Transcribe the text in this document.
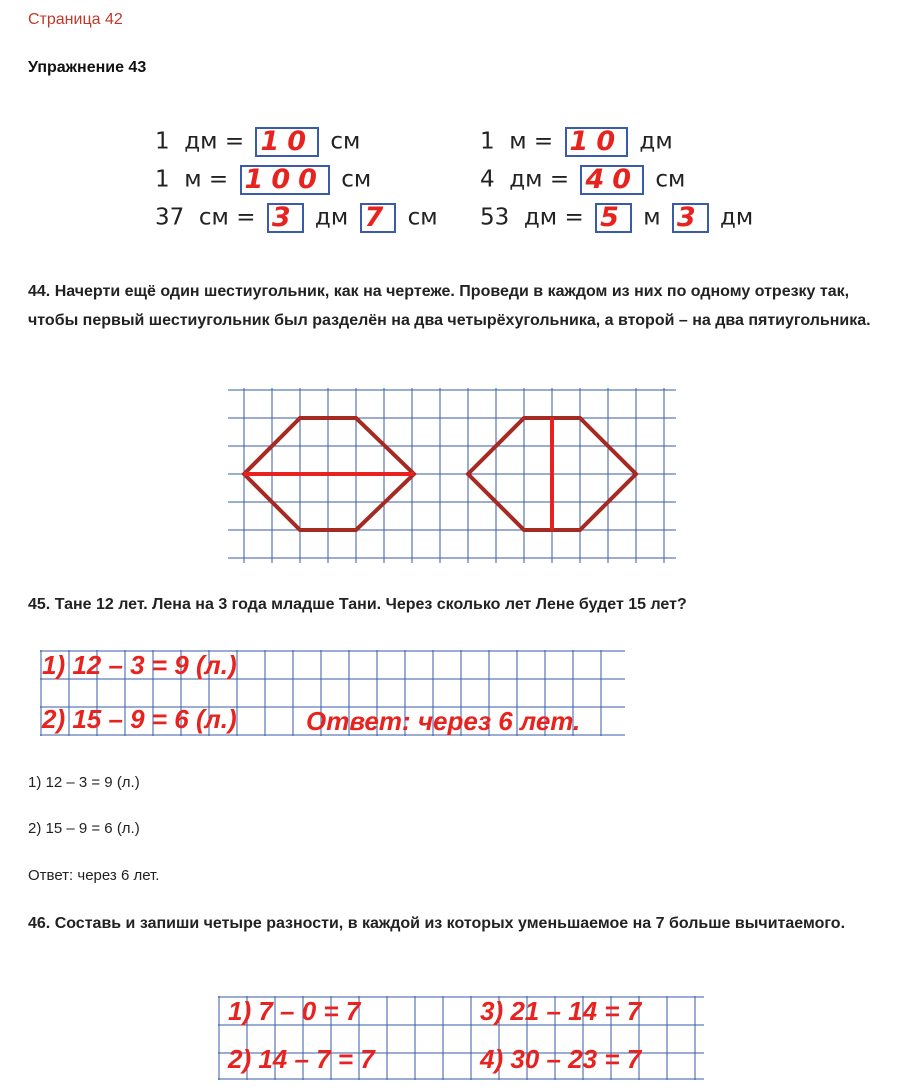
Страница 42
Упражнение 43
1 дм = 10 см
1 м = 100 см
37 см = 3 дм 7 см
1 м = 10 дм
4 дм = 40 см
53 дм = 5 м 3 дм
44. Начерти ещё один шестиугольник, как на чертеже. Проведи в каждом из них по одному отрезку так, чтобы первый шестиугольник был разделён на два четырёхугольника, а второй – на два пятиугольника.
45. Тане 12 лет. Лена на 3 года младше Тани. Через сколько лет Лене будет 15 лет?
1) 12 – 3 = 9 (л.)
2) 15 – 9 = 6 (л.)	Ответ: через 6 лет.
1) 12 – 3 = 9 (л.)
2) 15 – 9 = 6 (л.)
Ответ: через 6 лет.
46. Составь и запиши четыре разности, в каждой из которых уменьшаемое на 7 больше вычитаемого.
1) 7 – 0 = 7
2) 14 – 7 = 7
3) 21 – 14 = 7
4) 30 – 23 = 7
